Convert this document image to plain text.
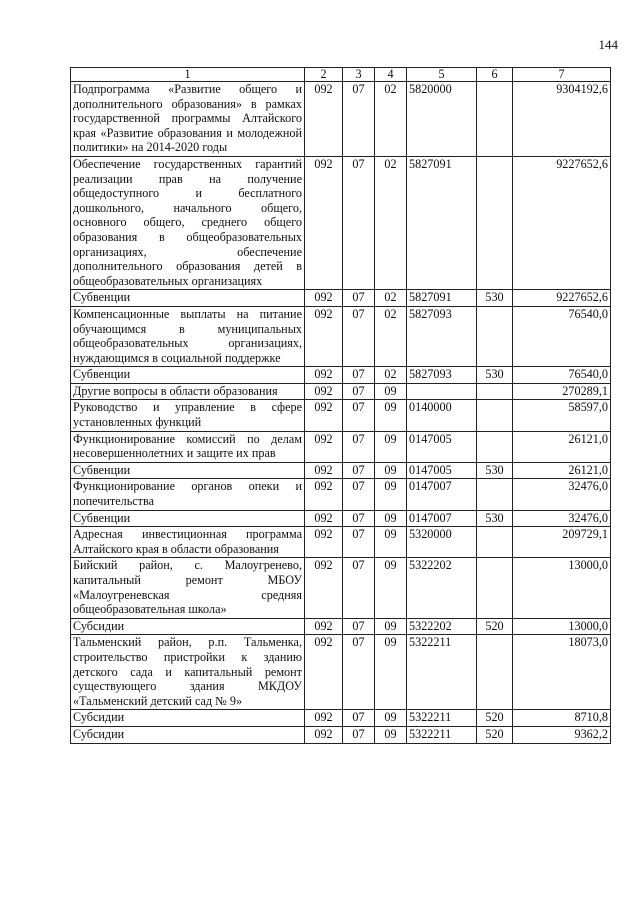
144
1	2	3	4	5	6	7
Подпрограмма «Развитие общего и дополнительного образования» в рамках государственной программы Алтайского края «Развитие образования и молодежной политики» на 2014-2020 годы	092	07	02	5820000		9304192,6
Обеспечение государственных гарантий реализации прав на получение общедоступного и бесплатного дошкольного, начального общего, основного общего, среднего общего образования в общеобразовательных организациях, обеспечение дополнительного образования детей в общеобразовательных организациях	092	07	02	5827091		9227652,6
Субвенции	092	07	02	5827091	530	9227652,6
Компенсационные выплаты на питание обучающимся в муниципальных общеобразовательных организациях, нуждающимся в социальной поддержке	092	07	02	5827093		76540,0
Субвенции	092	07	02	5827093	530	76540,0
Другие вопросы в области образования	092	07	09			270289,1
Руководство и управление в сфере установленных функций	092	07	09	0140000		58597,0
Функционирование комиссий по делам несовершеннолетних и защите их прав	092	07	09	0147005		26121,0
Субвенции	092	07	09	0147005	530	26121,0
Функционирование органов опеки и попечительства	092	07	09	0147007		32476,0
Субвенции	092	07	09	0147007	530	32476,0
Адресная инвестиционная программа Алтайского края в области образования	092	07	09	5320000		209729,1
Бийский район, с. Малоугренево, капитальный ремонт МБОУ «Малоугреневская средняя общеобразовательная школа»	092	07	09	5322202		13000,0
Субсидии	092	07	09	5322202	520	13000,0
Тальменский район, р.п. Тальменка, строительство пристройки к зданию детского сада и капитальный ремонт существующего здания МКДОУ «Тальменский детский сад № 9»	092	07	09	5322211		18073,0
Субсидии	092	07	09	5322211	520	8710,8
Субсидии	092	07	09	5322211	520	9362,2
